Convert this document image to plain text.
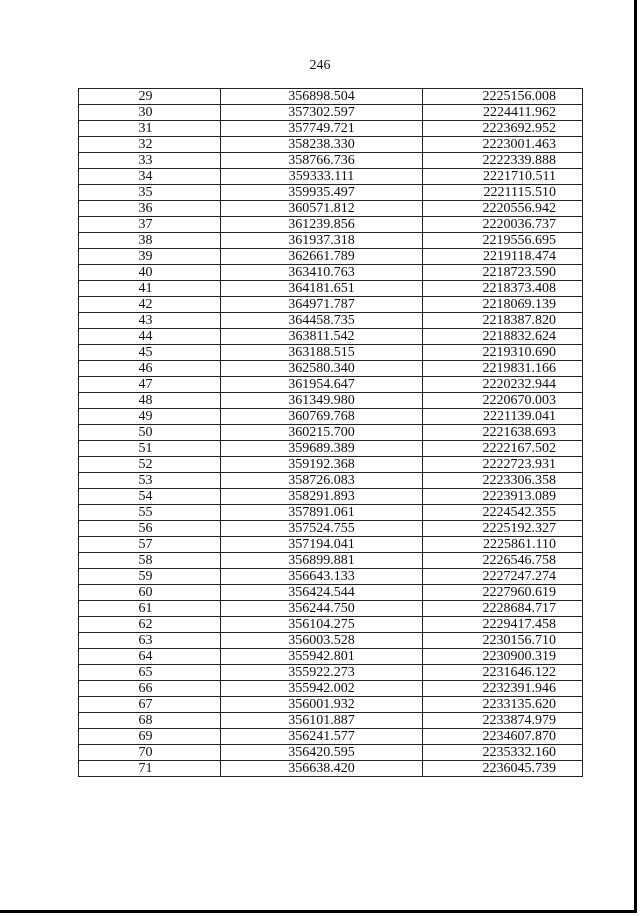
246
29	356898.504	2225156.008
30	357302.597	2224411.962
31	357749.721	2223692.952
32	358238.330	2223001.463
33	358766.736	2222339.888
34	359333.111	2221710.511
35	359935.497	2221115.510
36	360571.812	2220556.942
37	361239.856	2220036.737
38	361937.318	2219556.695
39	362661.789	2219118.474
40	363410.763	2218723.590
41	364181.651	2218373.408
42	364971.787	2218069.139
43	364458.735	2218387.820
44	363811.542	2218832.624
45	363188.515	2219310.690
46	362580.340	2219831.166
47	361954.647	2220232.944
48	361349.980	2220670.003
49	360769.768	2221139.041
50	360215.700	2221638.693
51	359689.389	2222167.502
52	359192.368	2222723.931
53	358726.083	2223306.358
54	358291.893	2223913.089
55	357891.061	2224542.355
56	357524.755	2225192.327
57	357194.041	2225861.110
58	356899.881	2226546.758
59	356643.133	2227247.274
60	356424.544	2227960.619
61	356244.750	2228684.717
62	356104.275	2229417.458
63	356003.528	2230156.710
64	355942.801	2230900.319
65	355922.273	2231646.122
66	355942.002	2232391.946
67	356001.932	2233135.620
68	356101.887	2233874.979
69	356241.577	2234607.870
70	356420.595	2235332.160
71	356638.420	2236045.739
